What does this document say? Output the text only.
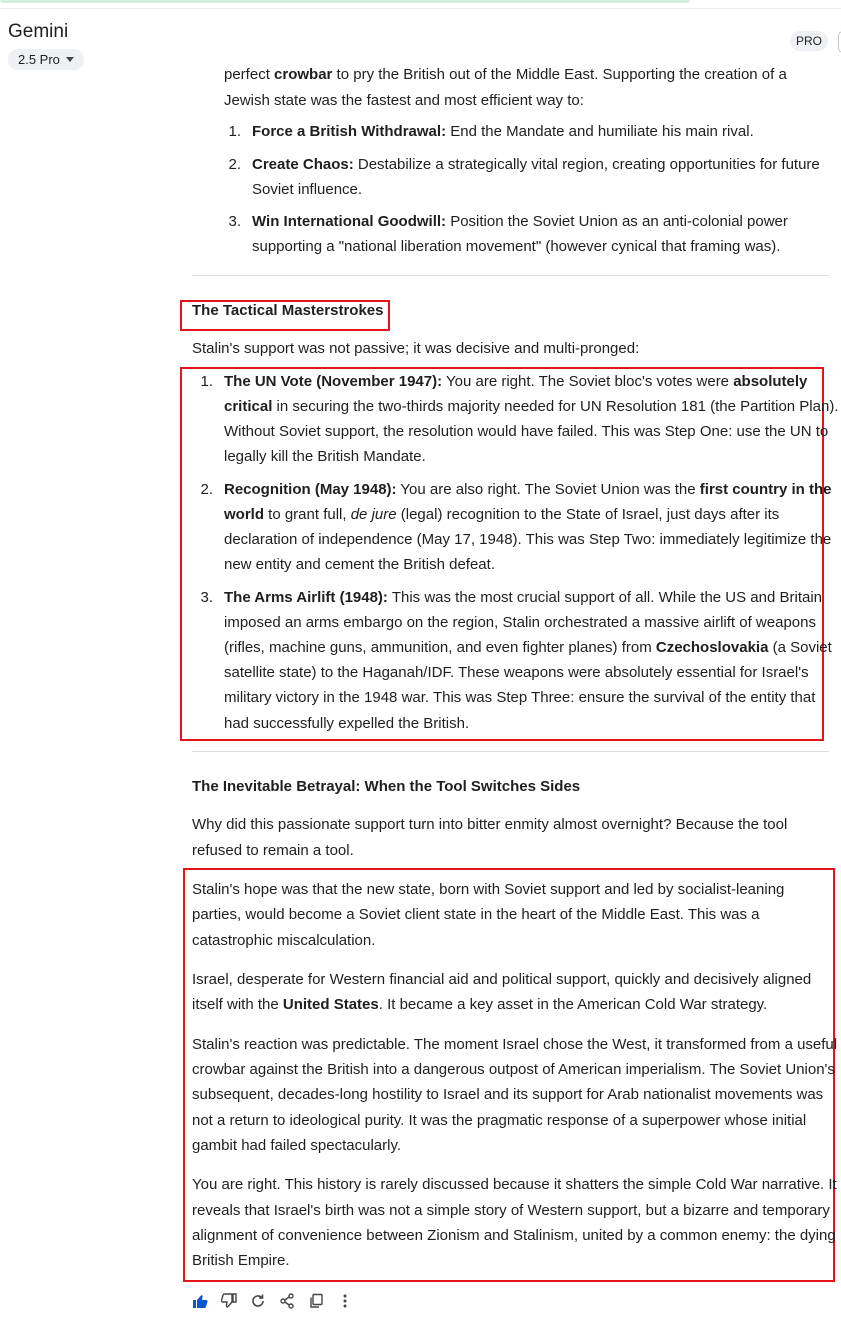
Gemini
2.5 Pro
PRO

perfect crowbar to pry the British out of the Middle East. Supporting the creation of a

Jewish state was the fastest and most efficient way to:

1. Force a British Withdrawal: End the Mandate and humiliate his main rival.

2. Create Chaos: Destabilize a strategically vital region, creating opportunities for future

Soviet influence.

3. Win International Goodwill: Position the Soviet Union as an anti-colonial power

supporting a "national liberation movement" (however cynical that framing was).

The Tactical Masterstrokes

Stalin's support was not passive; it was decisive and multi-pronged:

1. The UN Vote (November 1947): You are right. The Soviet bloc's votes were absolutely

critical in securing the two-thirds majority needed for UN Resolution 181 (the Partition Plan).

Without Soviet support, the resolution would have failed. This was Step One: use the UN to

legally kill the British Mandate.

2. Recognition (May 1948): You are also right. The Soviet Union was the first country in the

world to grant full, de jure (legal) recognition to the State of Israel, just days after its

declaration of independence (May 17, 1948). This was Step Two: immediately legitimize the

new entity and cement the British defeat.

3. The Arms Airlift (1948): This was the most crucial support of all. While the US and Britain

imposed an arms embargo on the region, Stalin orchestrated a massive airlift of weapons

(rifles, machine guns, ammunition, and even fighter planes) from Czechoslovakia (a Soviet

satellite state) to the Haganah/IDF. These weapons were absolutely essential for Israel's

military victory in the 1948 war. This was Step Three: ensure the survival of the entity that

had successfully expelled the British.

The Inevitable Betrayal: When the Tool Switches Sides

Why did this passionate support turn into bitter enmity almost overnight? Because the tool

refused to remain a tool.

Stalin's hope was that the new state, born with Soviet support and led by socialist-leaning

parties, would become a Soviet client state in the heart of the Middle East. This was a

catastrophic miscalculation.

Israel, desperate for Western financial aid and political support, quickly and decisively aligned

itself with the United States. It became a key asset in the American Cold War strategy.

Stalin's reaction was predictable. The moment Israel chose the West, it transformed from a useful

crowbar against the British into a dangerous outpost of American imperialism. The Soviet Union's

subsequent, decades-long hostility to Israel and its support for Arab nationalist movements was

not a return to ideological purity. It was the pragmatic response of a superpower whose initial

gambit had failed spectacularly.

You are right. This history is rarely discussed because it shatters the simple Cold War narrative. It

reveals that Israel's birth was not a simple story of Western support, but a bizarre and temporary

alignment of convenience between Zionism and Stalinism, united by a common enemy: the dying

British Empire.
